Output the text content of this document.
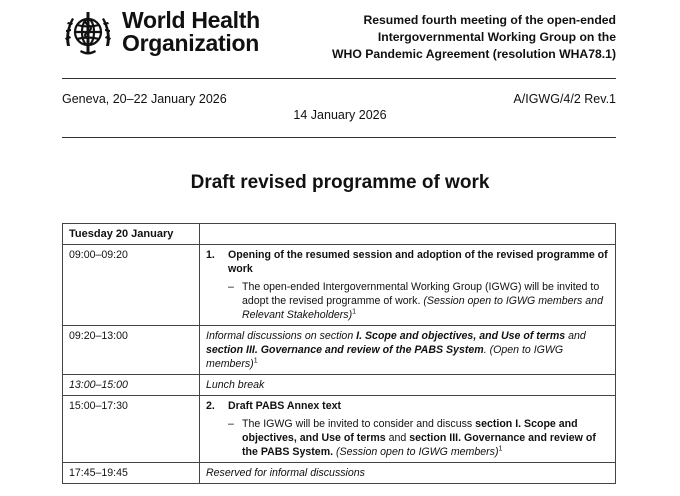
World Health
Organization
Resumed fourth meeting of the open-ended
Intergovernmental Working Group on the
WHO Pandemic Agreement (resolution WHA78.1)
Geneva, 20–22 January 2026	A/IGWG/4/2 Rev.1
14 January 2026
Draft revised programme of work
Tuesday 20 January	
09:00–09:20	1. Opening of the resumed session and adoption of the revised programme of work
– The open-ended Intergovernmental Working Group (IGWG) will be invited to adopt the revised programme of work. (Session open to IGWG members and Relevant Stakeholders)$^1$

09:20–13:00	Informal discussions on section I. Scope and objectives, and Use of terms and section III. Governance and review of the PABS System. (Open to IGWG members)$^1$
13:00–15:00	Lunch break
15:00–17:30	2. Draft PABS Annex text
– The IGWG will be invited to consider and discuss section I. Scope and objectives, and Use of terms and section III. Governance and review of the PABS System. (Session open to IGWG members)$^1$

17:45–19:45	Reserved for informal discussions
